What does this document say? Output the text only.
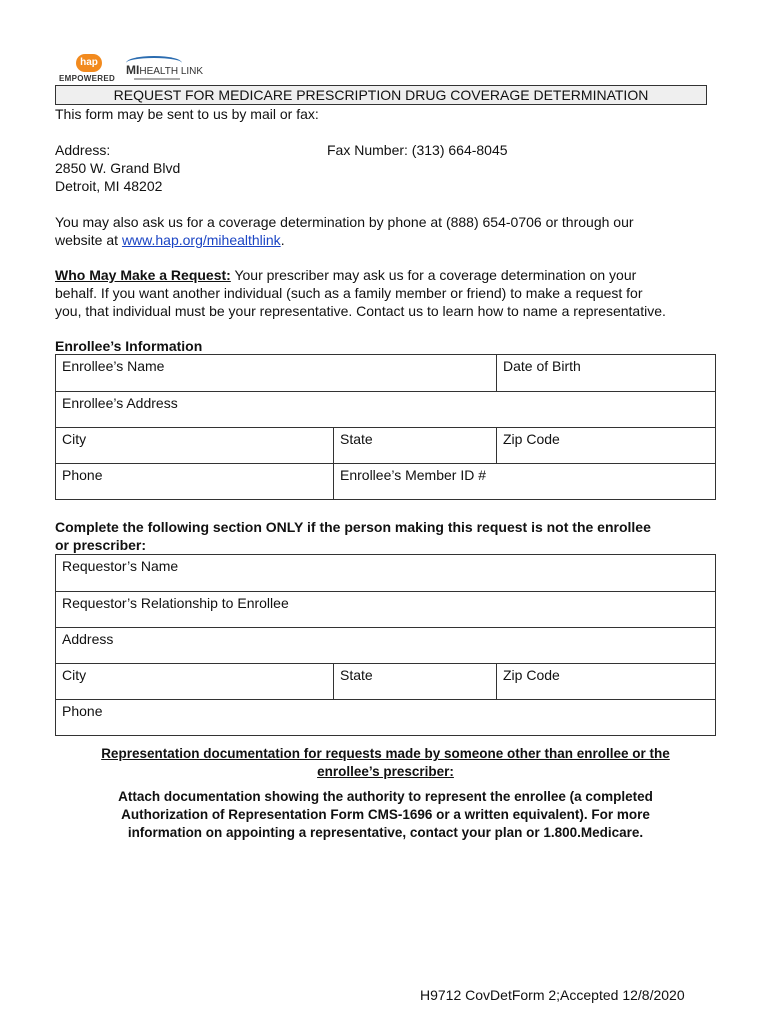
hap
EMPOWERED
MIHEALTH LINK
REQUEST FOR MEDICARE PRESCRIPTION DRUG COVERAGE DETERMINATION
This form may be sent to us by mail or fax:
Address:
2850 W. Grand Blvd
Detroit, MI 48202
Fax Number: (313) 664-8045
You may also ask us for a coverage determination by phone at (888) 654-0706 or through our
website at www.hap.org/mihealthlink.
Who May Make a Request: Your prescriber may ask us for a coverage determination on your
behalf. If you want another individual (such as a family member or friend) to make a request for
you, that individual must be your representative. Contact us to learn how to name a representative.
Enrollee’s Information
Enrollee’s Name	Date of Birth
Enrollee’s Address
City	State	Zip Code
Phone	Enrollee’s Member ID #
Complete the following section ONLY if the person making this request is not the enrollee
or prescriber:
Requestor’s Name
Requestor’s Relationship to Enrollee
Address
City	State	Zip Code
Phone
Representation documentation for requests made by someone other than enrollee or the
enrollee’s prescriber:
Attach documentation showing the authority to represent the enrollee (a completed
Authorization of Representation Form CMS-1696 or a written equivalent). For more
information on appointing a representative, contact your plan or 1.800.Medicare.
H9712 CovDetForm 2;Accepted 12/8/2020
